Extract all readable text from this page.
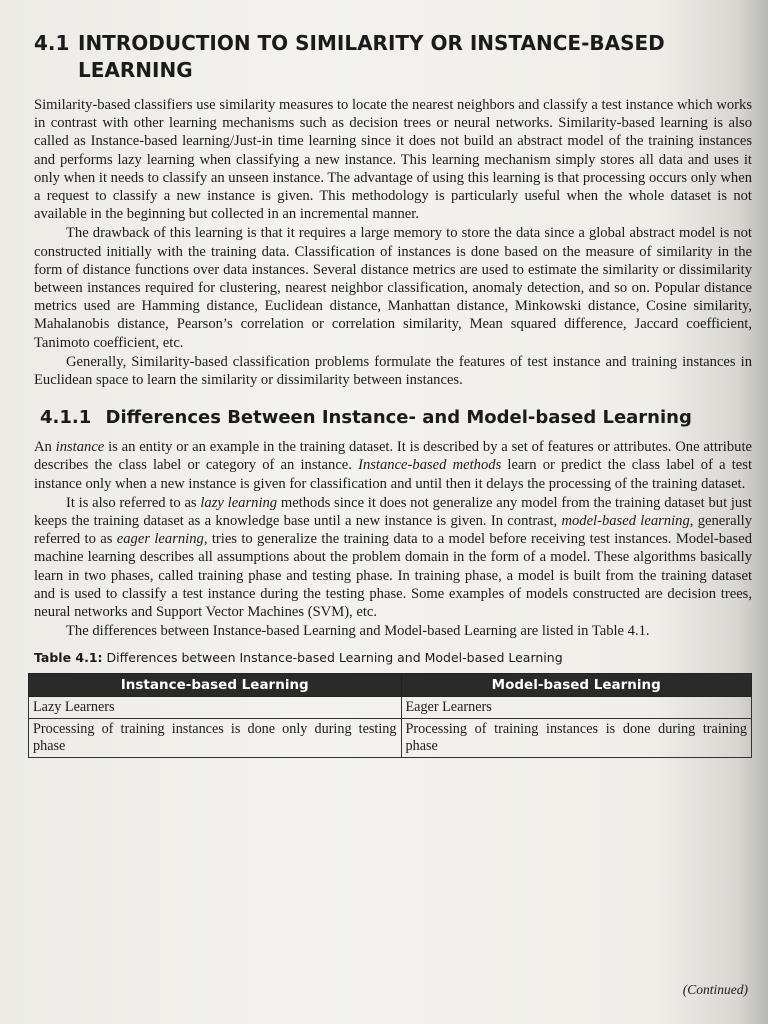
4.1 INTRODUCTION TO SIMILARITY OR INSTANCE-BASED LEARNING

Similarity-based classifiers use similarity measures to locate the nearest neighbors and classify a test instance which works in contrast with other learning mechanisms such as decision trees or neural networks. Similarity-based learning is also called as Instance-based learning/Just-in time learning since it does not build an abstract model of the training instances and performs lazy learning when classifying a new instance. This learning mechanism simply stores all data and uses it only when it needs to classify an unseen instance. The advantage of using this learning is that processing occurs only when a request to classify a new instance is given. This methodology is particularly useful when the whole dataset is not available in the beginning but collected in an incremental manner.

The drawback of this learning is that it requires a large memory to store the data since a global abstract model is not constructed initially with the training data. Classification of instances is done based on the measure of similarity in the form of distance functions over data instances. Several distance metrics are used to estimate the similarity or dissimilarity between instances required for clustering, nearest neighbor classification, anomaly detection, and so on. Popular distance metrics used are Hamming distance, Euclidean distance, Manhattan distance, Minkowski distance, Cosine similarity, Mahalanobis distance, Pearson’s correlation or correlation similarity, Mean squared difference, Jaccard coefficient, Tanimoto coefficient, etc.

Generally, Similarity-based classification problems formulate the features of test instance and training instances in Euclidean space to learn the similarity or dissimilarity between instances.

4.1.1 Differences Between Instance- and Model-based Learning

An instance is an entity or an example in the training dataset. It is described by a set of features or attributes. One attribute describes the class label or category of an instance. Instance-based methods learn or predict the class label of a test instance only when a new instance is given for classification and until then it delays the processing of the training dataset.

It is also referred to as lazy learning methods since it does not generalize any model from the training dataset but just keeps the training dataset as a knowledge base until a new instance is given. In contrast, model-based learning, generally referred to as eager learning, tries to generalize the training data to a model before receiving test instances. Model-based machine learning describes all assumptions about the problem domain in the form of a model. These algorithms basically learn in two phases, called training phase and testing phase. In training phase, a model is built from the training dataset and is used to classify a test instance during the testing phase. Some examples of models constructed are decision trees, neural networks and Support Vector Machines (SVM), etc.

The differences between Instance-based Learning and Model-based Learning are listed in Table 4.1.

Table 4.1: Differences between Instance-based Learning and Model-based Learning
Instance-based Learning	Model-based Learning
Lazy Learners	Eager Learners
Processing of training instances is done only during testing phase	Processing of training instances is done during training phase
(Continued)
